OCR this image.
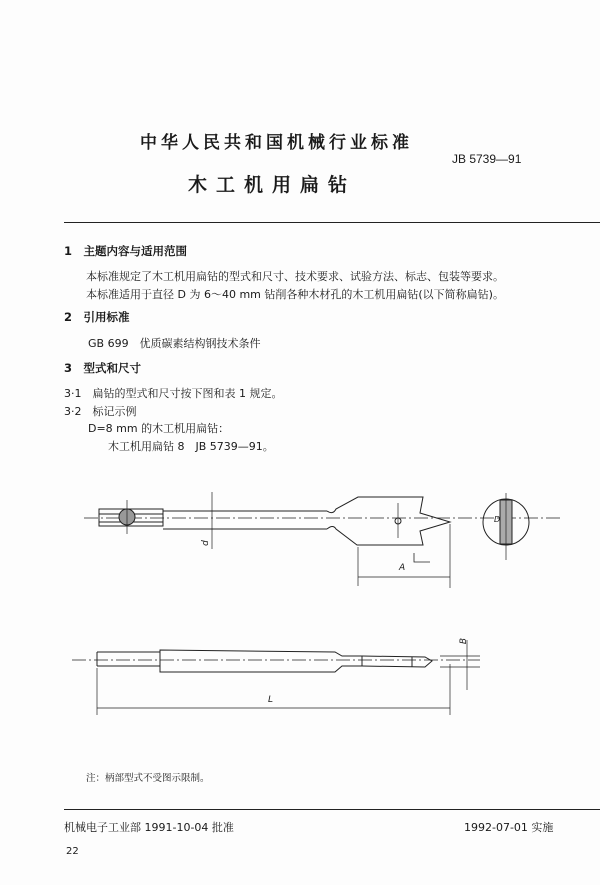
中华人民共和国机械行业标准
JB 5739—91
木工机用扁钻
1　主题内容与适用范围
本标准规定了木工机用扁钻的型式和尺寸、技术要求、试验方法、标志、包装等要求。
本标准适用于直径 D 为 6～40 mm 钻削各种木材孔的木工机用扁钻(以下简称扁钻)。
2　引用标准
GB 699　优质碳素结构钢技术条件
3　型式和尺寸
3·1　扁钻的型式和尺寸按下图和表 1 规定。
3·2　标记示例
D=8 mm 的木工机用扁钻：
木工机用扁钻 8　JB 5739—91。
d
A
D
B
L
注：柄部型式不受图示限制。
机械电子工业部 1991-10-04 批准	1992-07-01 实施
22
